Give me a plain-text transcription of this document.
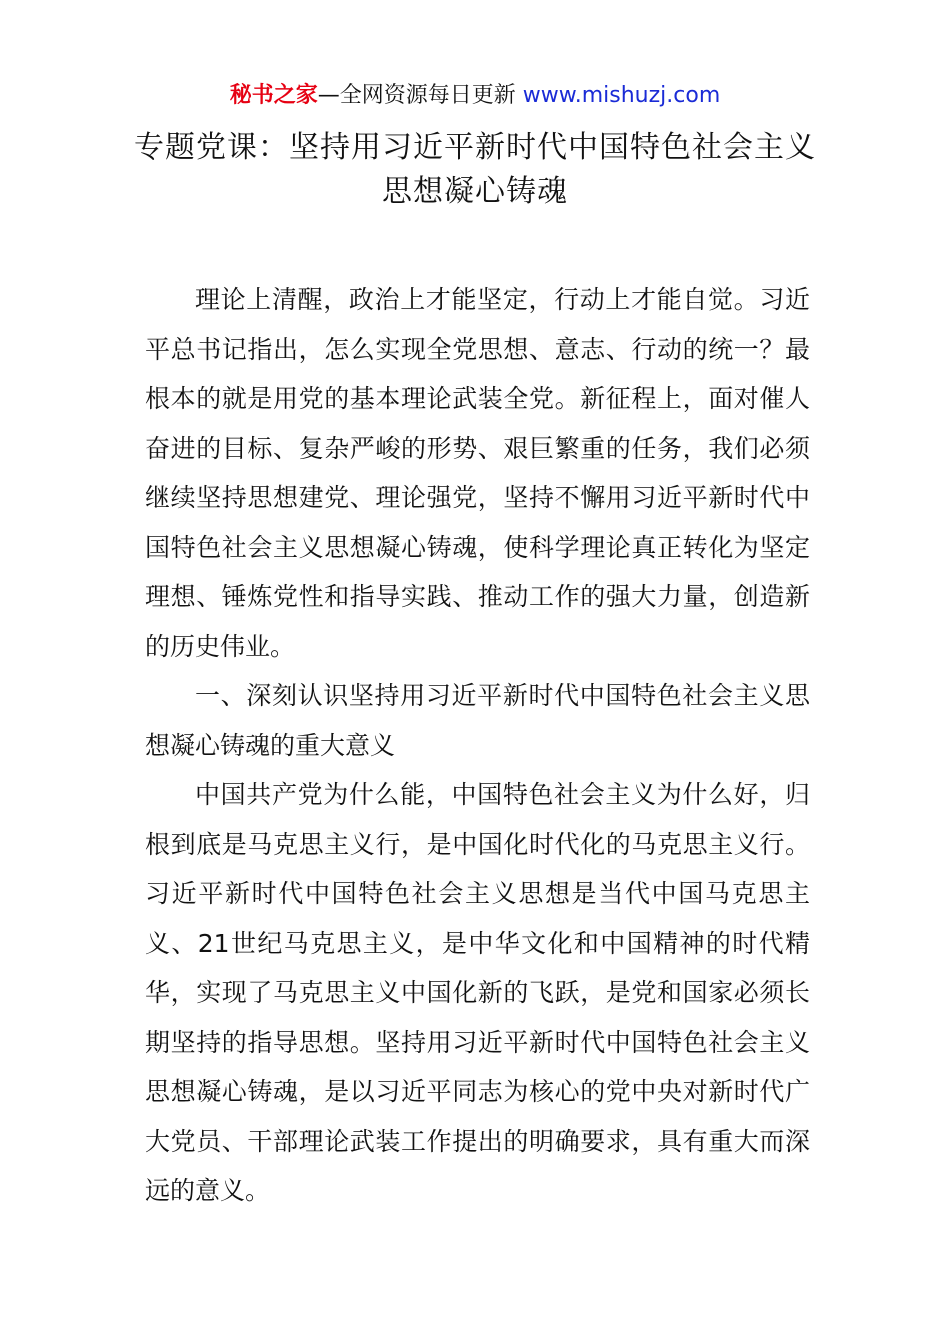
秘书之家—全网资源每日更新 www.mishuzj.com
专题党课：坚持用习近平新时代中国特色社会主义思想凝心铸魂

理论上清醒，政治上才能坚定，行动上才能自觉。习近平总书记指出，怎么实现全党思想、意志、行动的统一？最根本的就是用党的基本理论武装全党。新征程上，面对催人奋进的目标、复杂严峻的形势、艰巨繁重的任务，我们必须继续坚持思想建党、理论强党，坚持不懈用习近平新时代中国特色社会主义思想凝心铸魂，使科学理论真正转化为坚定理想、锤炼党性和指导实践、推动工作的强大力量，创造新的历史伟业。

一、深刻认识坚持用习近平新时代中国特色社会主义思想凝心铸魂的重大意义

中国共产党为什么能，中国特色社会主义为什么好，归根到底是马克思主义行，是中国化时代化的马克思主义行。习近平新时代中国特色社会主义思想是当代中国马克思主义、21世纪马克思主义，是中华文化和中国精神的时代精华，实现了马克思主义中国化新的飞跃，是党和国家必须长期坚持的指导思想。坚持用习近平新时代中国特色社会主义思想凝心铸魂，是以习近平同志为核心的党中央对新时代广大党员、干部理论武装工作提出的明确要求，具有重大而深远的意义。
